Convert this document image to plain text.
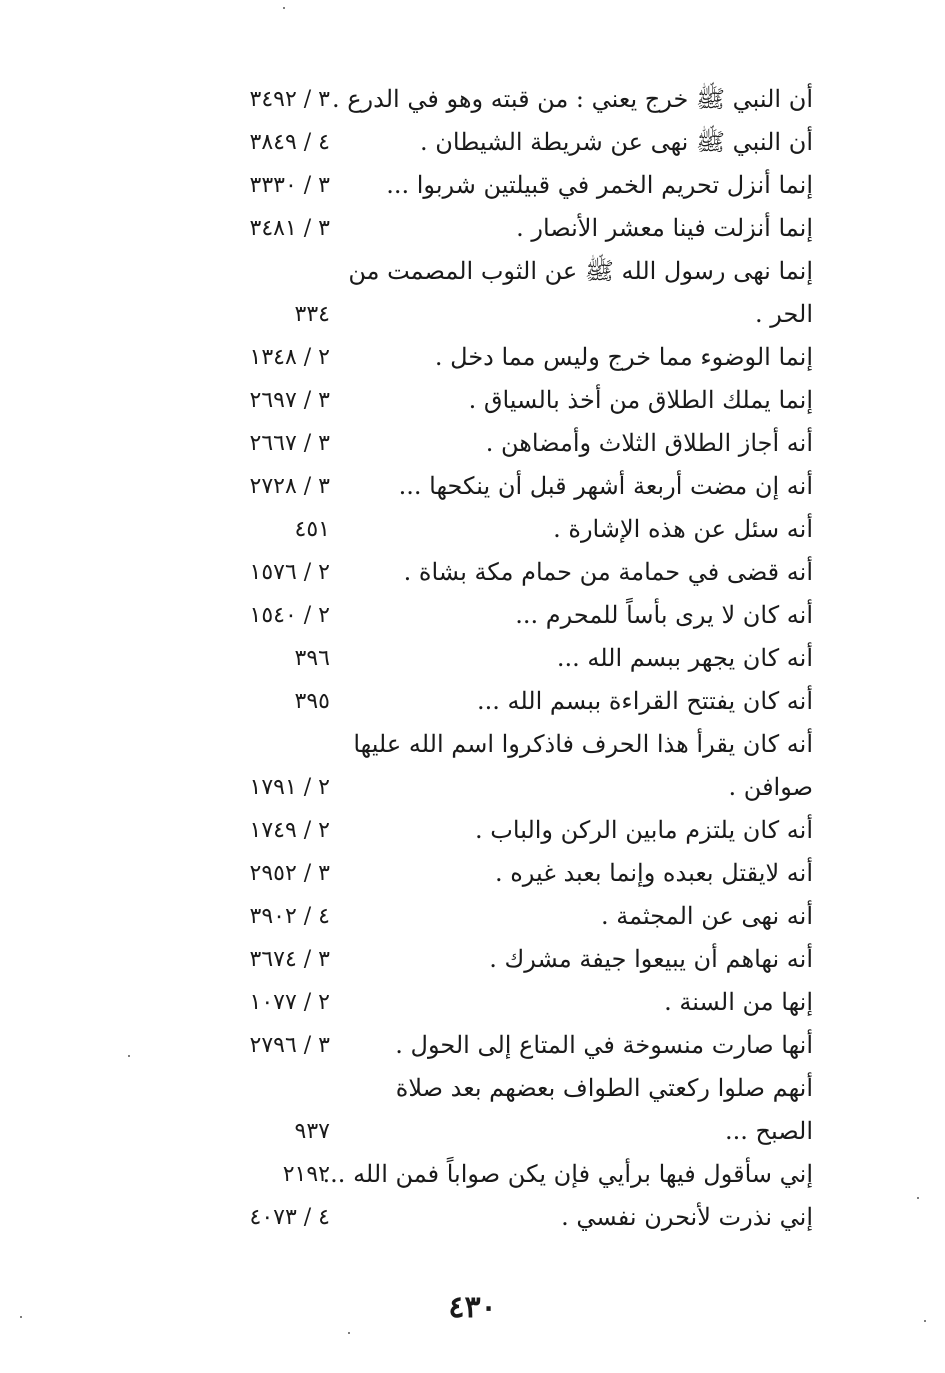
أن النبي ﷺ خرج يعني : من قبته وهو في الدرع .
٣ / ٣٤٩٢
أن النبي ﷺ نهى عن شريطة الشيطان .
٤ / ٣٨٤٩
إنما أنزل تحريم الخمر في قبيلتين شربوا ...
٣ / ٣٣٣٠
إنما أنزلت فينا معشر الأنصار .
٣ / ٣٤٨١
إنما نهى رسول الله ﷺ عن الثوب المصمت من
الحر .
٣٣٤
إنما الوضوء مما خرج وليس مما دخل .
٢ / ١٣٤٨
إنما يملك الطلاق من أخذ بالسياق .
٣ / ٢٦٩٧
أنه أجاز الطلاق الثلاث وأمضاهن .
٣ / ٢٦٦٧
أنه إن مضت أربعة أشهر قبل أن ينكحها ...
٣ / ٢٧٢٨
أنه سئل عن هذه الإشارة .
٤٥١
أنه قضى في حمامة من حمام مكة بشاة .
٢ / ١٥٧٦
أنه كان لا يرى بأساً للمحرم ...
٢ / ١٥٤٠
أنه كان يجهر ببسم الله ...
٣٩٦
أنه كان يفتتح القراءة ببسم الله ...
٣٩٥
أنه كان يقرأ هذا الحرف فاذكروا اسم الله عليها
صوافن .
٢ / ١٧٩١
أنه كان يلتزم مابين الركن والباب .
٢ / ١٧٤٩
أنه لايقتل بعبده وإنما بعبد غيره .
٣ / ٢٩٥٢
أنه نهى عن المجثمة .
٤ / ٣٩٠٢
أنه نهاهم أن يبيعوا جيفة مشرك .
٣ / ٣٦٧٤
إنها من السنة .
٢ / ١٠٧٧
أنها صارت منسوخة في المتاع إلى الحول .
٣ / ٢٧٩٦
أنهم صلوا ركعتي الطواف بعضهم بعد صلاة
الصبح ...
٩٣٧
إني سأقول فيها برأيي فإن يكن صواباً فمن الله ...
٢١٩٢
إني نذرت لأنحرن نفسي .
٤ / ٤٠٧٣
٤٣٠
